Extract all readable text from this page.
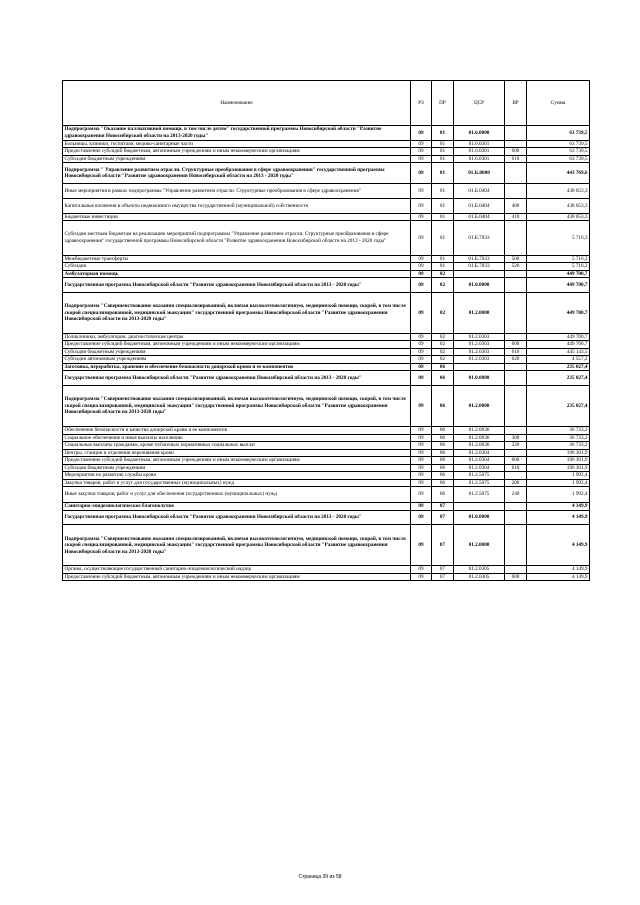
Наименование	РЗ	ПР	ЦСР	ВР	Сумма
Подпрограмма "Оказание паллиативной помощи, в том числе детям" государственной программы Новосибирской области "Развитие здравоохранения Новосибирской области на 2013-2020 годы"	09	01	01.6.0000		63 739,5
Больницы, клиники, госпитали, медико-санитарные части	09	01	01.6.0301		63 739,5
Предоставление субсидий бюджетным, автономным учреждениям и иным некоммерческим организациям	09	01	01.6.0301	600	63 739,5
Субсидии бюджетным учреждениям	09	01	01.6.0301	610	63 739,5
Подпрограмма " Управление развитием отрасли. Структурные преобразования в сфере здравоохранения" государственной программы Новосибирской области "Развитие здравоохранения Новосибирской области на 2013 - 2020 годы"	09	01	01.Б.0000		443 769,6
Иные мероприятия в рамках подпрограммы "Управление развитием отрасли. Структурные преобразования в сфере здравоохранения"	09	01	01.Б.0404		438 053,3
Капитальные вложения в объекты недвижимого имущества государственной (муниципальной) собственности	09	01	01.Б.0404	400	438 053,3
Бюджетные инвестиции	09	01	01.Б.0404	410	438 053,3
Субсидии местным бюджетам на реализацию мероприятий подпрограммы "Управление развитием отрасли. Структурные преобразования в сфере здравоохранения" государственной программы Новосибирской области "Развитие здравоохранения Новосибирской области на 2013 - 2020 годы"	09	01	01.Б.7033		5 716,3
Межбюджетные трансферты	09	01	01.Б.7033	500	5 716,3
Субсидии	09	01	01.Б.7033	520	5 716,3
Амбулаторная помощь	09	02			449 700,7
Государственная программа Новосибирской области "Развитие здравоохранения Новосибирской области на 2013 - 2020 годы"	09	02	01.0.0000		449 700,7
Подпрограмма "Совершенствование оказания специализированной, включая высокотехнологичную, медицинской помощи, скорой, в том числе скорой специализированной, медицинской эвакуации" государственной программы Новосибирской области "Развитие здравоохранения Новосибирской области на 2013-2020 годы"	09	02	01.2.0000		449 700,7
Поликлиники, амбулатории, диагностические центры	09	02	01.2.0303		449 700,7
Предоставление субсидий бюджетным, автономным учреждениям и иным некоммерческим организациям	09	02	01.2.0303	600	449 700,7
Субсидии бюджетным учреждениям	09	02	01.2.0303	610	445 143,5
Субсидии автономным учреждениям	09	02	01.2.0303	620	4 557,2
Заготовка, переработка, хранение и обеспечение безопасности донорской крови и ее компонентов	09	06			235 027,4
Государственная программа Новосибирской области "Развитие здравоохранения Новосибирской области на 2013 - 2020 годы"	09	06	01.0.0000		235 027,4
Подпрограмма "Совершенствование оказания специализированной, включая высокотехнологичную, медицинской помощи, скорой, в том числе скорой специализированной, медицинской эвакуации" государственной программы Новосибирской области "Развитие здравоохранения Новосибирской области на 2013-2020 годы"	09	06	01.2.0000		235 027,4
Обеспечение безопасности и качества донорской крови и ее компонентов	09	06	01.2.0036		36 733,2
Социальное обеспечение и иные выплаты населению	09	06	01.2.0036	300	36 733,2
Социальные выплаты гражданам, кроме публичных нормативных социальных выплат	09	06	01.2.0036	320	36 733,2
Центры, станции и отделения переливания крови	09	06	01.2.0304		196 301,9
Предоставление субсидий бюджетным, автономным учреждениям и иным некоммерческим организациям	09	06	01.2.0304	600	196 301,9
Субсидии бюджетным учреждениям	09	06	01.2.0304	610	196 301,9
Мероприятия по развитию службы крови	09	06	01.2.5075		1 992,4
Закупка товаров, работ и услуг для государственных (муниципальных) нужд	09	06	01.2.5075	200	1 992,4
Иные закупки товаров, работ и услуг для обеспечения государственных (муниципальных) нужд	09	06	01.2.5075	240	1 992,4
Санитарно-эпидемиологическое благополучие	09	07			4 149,9
Государственная программа Новосибирской области "Развитие здравоохранения Новосибирской области на 2013 - 2020 годы"	09	07	01.0.0000		4 149,9
Подпрограмма "Совершенствование оказания специализированной, включая высокотехнологичную, медицинской помощи, скорой, в том числе скорой специализированной, медицинской эвакуации" государственной программы Новосибирской области "Развитие здравоохранения Новосибирской области на 2013-2020 годы"	09	07	01.2.0000		4 149,9
Органы, осуществляющие государственный санитарно-эпидемиологический надзор	09	07	01.2.0305		4 149,9
Предоставление субсидий бюджетным, автономным учреждениям и иным некоммерческим организациям	09	07	01.2.0305	600	4 149,9
Страница 39 из 58
